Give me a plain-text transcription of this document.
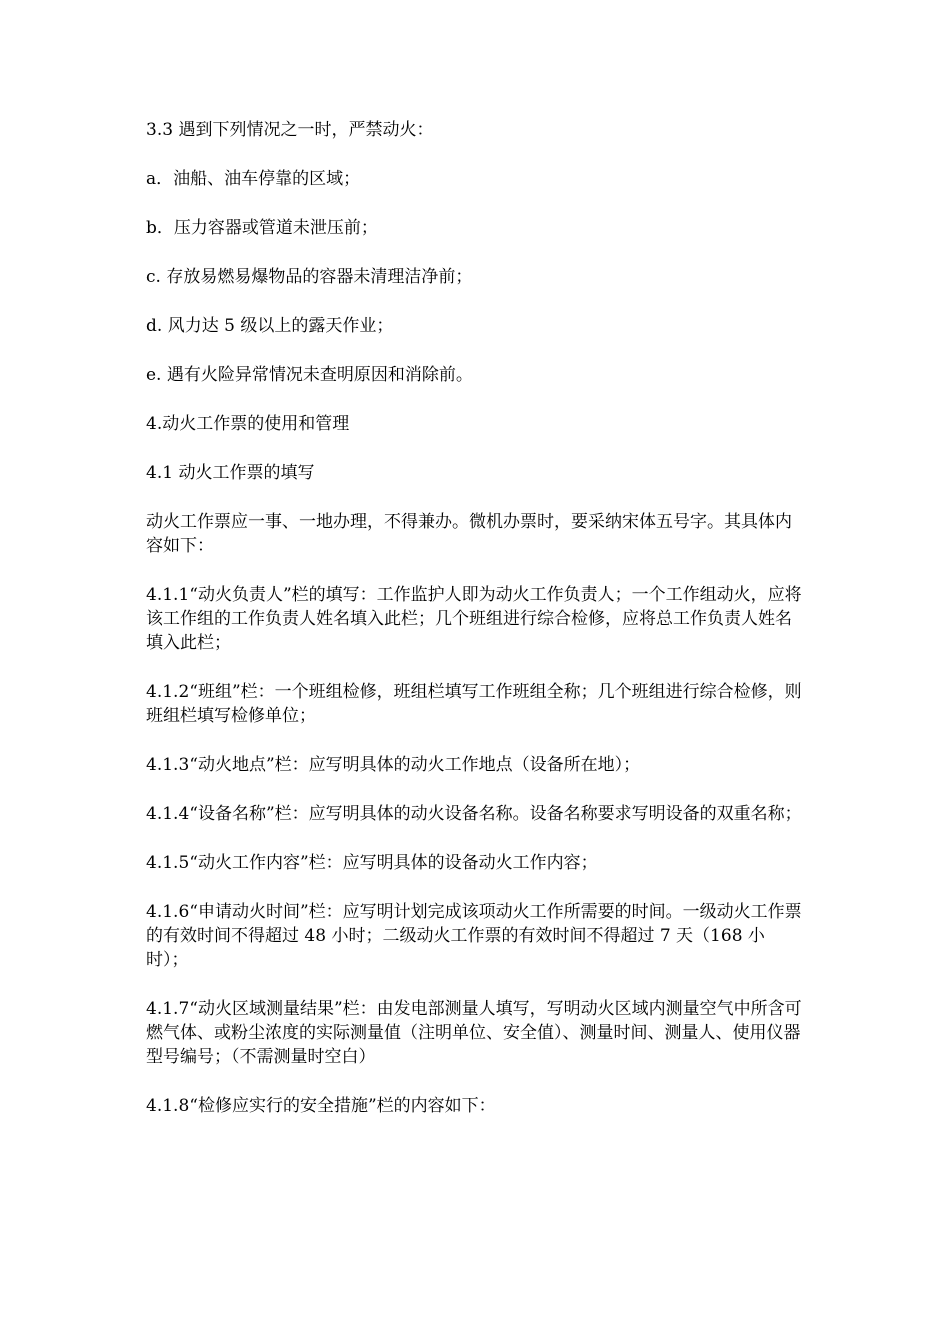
3.3 遇到下列情况之一时，严禁动火：

a．油船、油车停靠的区域；

b．压力容器或管道未泄压前；

c. 存放易燃易爆物品的容器未清理洁净前；

d. 风力达 5 级以上的露天作业；

e. 遇有火险异常情况未查明原因和消除前。

4.动火工作票的使用和管理

4.1 动火工作票的填写

动火工作票应一事、一地办理，不得兼办。微机办票时，要采纳宋体五号字。其具体内容如下：

4.1.1“动火负责人”栏的填写：工作监护人即为动火工作负责人；一个工作组动火，应将该工作组的工作负责人姓名填入此栏；几个班组进行综合检修，应将总工作负责人姓名填入此栏；

4.1.2“班组”栏：一个班组检修，班组栏填写工作班组全称；几个班组进行综合检修，则班组栏填写检修单位；

4.1.3“动火地点”栏：应写明具体的动火工作地点（设备所在地）；

4.1.4“设备名称”栏：应写明具体的动火设备名称。设备名称要求写明设备的双重名称；

4.1.5“动火工作内容”栏：应写明具体的设备动火工作内容；

4.1.6“申请动火时间”栏：应写明计划完成该项动火工作所需要的时间。一级动火工作票的有效时间不得超过 48 小时；二级动火工作票的有效时间不得超过 7 天（168 小时）；

4.1.7“动火区域测量结果”栏：由发电部测量人填写，写明动火区域内测量空气中所含可燃气体、或粉尘浓度的实际测量值（注明单位、安全值）、测量时间、测量人、使用仪器型号编号；（不需测量时空白）

4.1.8“检修应实行的安全措施”栏的内容如下：
